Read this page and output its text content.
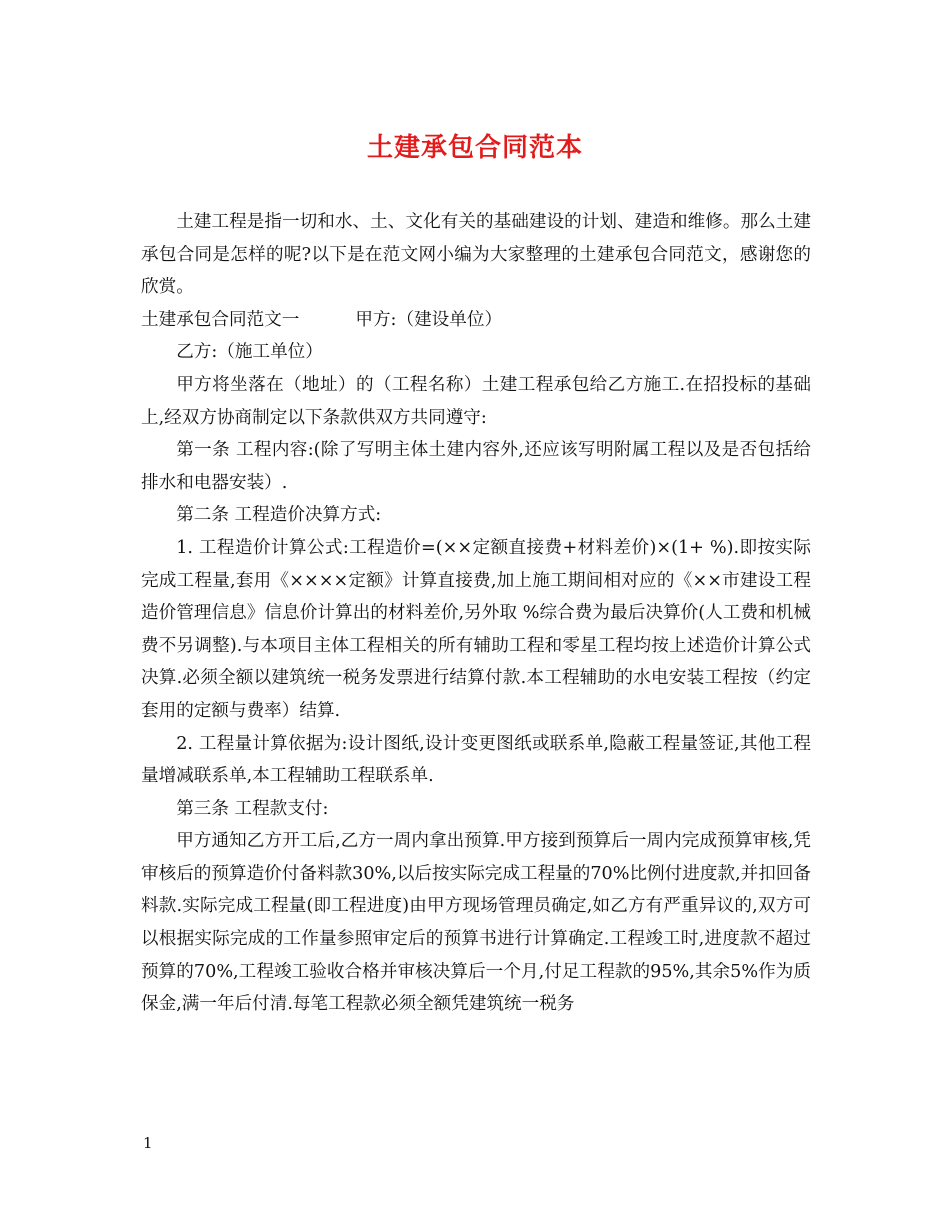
土建承包合同范本

土建工程是指一切和水、土、文化有关的基础建设的计划、建造和维修。那么土建承包合同是怎样的呢?以下是在范文网小编为大家整理的土建承包合同范文，感谢您的欣赏。

土建承包合同范文一	甲方:（建设单位）

乙方:（施工单位）

甲方将坐落在（地址）的（工程名称）土建工程承包给乙方施工.在招投标的基础上,经双方协商制定以下条款供双方共同遵守:

第一条 工程内容:(除了写明主体土建内容外,还应该写明附属工程以及是否包括给排水和电器安装）.

第二条 工程造价决算方式:

1. 工程造价计算公式:工程造价=(××定额直接费+材料差价)×(1+ %).即按实际完成工程量,套用《××××定额》计算直接费,加上施工期间相对应的《××市建设工程造价管理信息》信息价计算出的材料差价,另外取 %综合费为最后决算价(人工费和机械费不另调整).与本项目主体工程相关的所有辅助工程和零星工程均按上述造价计算公式决算.必须全额以建筑统一税务发票进行结算付款.本工程辅助的水电安装工程按（约定套用的定额与费率）结算.

2. 工程量计算依据为:设计图纸,设计变更图纸或联系单,隐蔽工程量签证,其他工程量增减联系单,本工程辅助工程联系单.

第三条 工程款支付:

甲方通知乙方开工后,乙方一周内拿出预算.甲方接到预算后一周内完成预算审核,凭审核后的预算造价付备料款30%,以后按实际完成工程量的70%比例付进度款,并扣回备料款.实际完成工程量(即工程进度)由甲方现场管理员确定,如乙方有严重异议的,双方可以根据实际完成的工作量参照审定后的预算书进行计算确定.工程竣工时,进度款不超过预算的70%,工程竣工验收合格并审核决算后一个月,付足工程款的95%,其余5%作为质保金,满一年后付清.每笔工程款必须全额凭建筑统一税务

1
